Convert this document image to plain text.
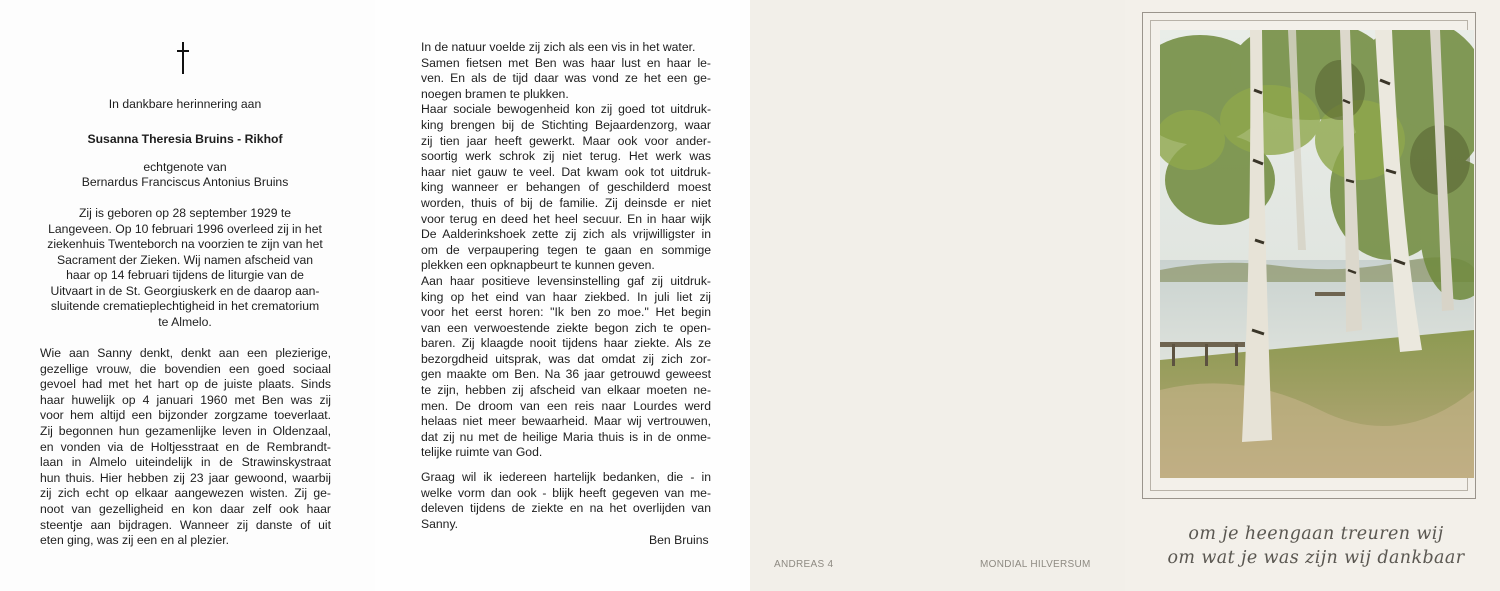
In dankbare herinnering aan
Susanna Theresia Bruins - Rikhof
echtgenote van
Bernardus Franciscus Antonius Bruins
Zij is geboren op 28 september 1929 te
Langeveen. Op 10 februari 1996 overleed zij in het
ziekenhuis Twenteborch na voorzien te zijn van het
Sacrament der Zieken. Wij namen afscheid van
haar op 14 februari tijdens de liturgie van de
Uitvaart in de St. Georgiuskerk en de daarop aan-
sluitende crematieplechtigheid in het crematorium
te Almelo.
Wie aan Sanny denkt, denkt aan een plezierige,
gezellige vrouw, die bovendien een goed sociaal
gevoel had met het hart op de juiste plaats. Sinds
haar huwelijk op 4 januari 1960 met Ben was zij
voor hem altijd een bijzonder zorgzame toeverlaat.
Zij begonnen hun gezamenlijke leven in Oldenzaal,
en vonden via de Holtjesstraat en de Rembrandt-
laan in Almelo uiteindelijk in de Strawinskystraat
hun thuis. Hier hebben zij 23 jaar gewoond, waarbij
zij zich echt op elkaar aangewezen wisten. Zij ge-
noot van gezelligheid en kon daar zelf ook haar
steentje aan bijdragen. Wanneer zij danste of uit
eten ging, was zij een en al plezier.
In de natuur voelde zij zich als een vis in het water.
Samen fietsen met Ben was haar lust en haar le-
ven. En als de tijd daar was vond ze het een ge-
noegen bramen te plukken.
Haar sociale bewogenheid kon zij goed tot uitdruk-
king brengen bij de Stichting Bejaardenzorg, waar
zij tien jaar heeft gewerkt. Maar ook voor ander-
soortig werk schrok zij niet terug. Het werk was
haar niet gauw te veel. Dat kwam ook tot uitdruk-
king wanneer er behangen of geschilderd moest
worden, thuis of bij de familie. Zij deinsde er niet
voor terug en deed het heel secuur. En in haar wijk
De Aalderinkshoek zette zij zich als vrijwilligster in
om de verpaupering tegen te gaan en sommige
plekken een opknapbeurt te kunnen geven.
Aan haar positieve levensinstelling gaf zij uitdruk-
king op het eind van haar ziekbed. In juli liet zij
voor het eerst horen: "Ik ben zo moe." Het begin
van een verwoestende ziekte begon zich te open-
baren. Zij klaagde nooit tijdens haar ziekte. Als ze
bezorgdheid uitsprak, was dat omdat zij zich zor-
gen maakte om Ben. Na 36 jaar getrouwd geweest
te zijn, hebben zij afscheid van elkaar moeten ne-
men. De droom van een reis naar Lourdes werd
helaas niet meer bewaarheid. Maar wij vertrouwen,
dat zij nu met de heilige Maria thuis is in de onme-
telijke ruimte van God.
Graag wil ik iedereen hartelijk bedanken, die - in
welke vorm dan ook - blijk heeft gegeven van me-
deleven tijdens de ziekte en na het overlijden van
Sanny.
Ben Bruins
ANDREAS 4	MONDIAL HILVERSUM
om je heengaan treuren wij
om wat je was zijn wij dankbaar
